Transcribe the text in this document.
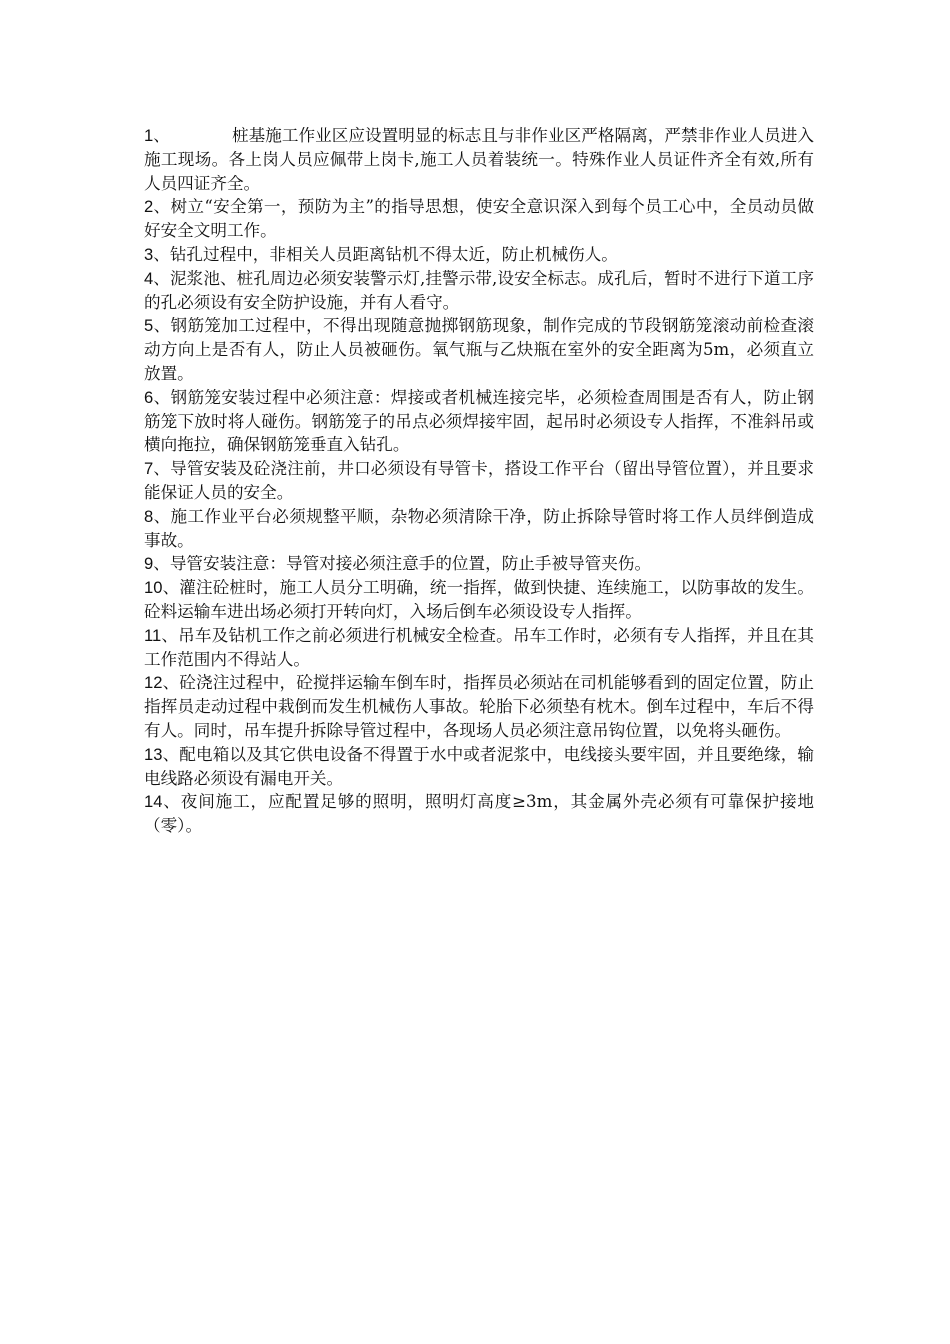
1、	桩基施工作业区应设置明显的标志且与非作业区严格隔离，严禁非作业人员进入施工现场。各上岗人员应佩带上岗卡,施工人员着装统一。特殊作业人员证件齐全有效,所有人员四证齐全。

2、树立“安全第一，预防为主”的指导思想，使安全意识深入到每个员工心中，全员动员做好安全文明工作。

3、钻孔过程中，非相关人员距离钻机不得太近，防止机械伤人。

4、泥浆池、桩孔周边必须安装警示灯,挂警示带,设安全标志。成孔后，暂时不进行下道工序的孔必须设有安全防护设施，并有人看守。

5、钢筋笼加工过程中，不得出现随意抛掷钢筋现象，制作完成的节段钢筋笼滚动前检查滚动方向上是否有人，防止人员被砸伤。氧气瓶与乙炔瓶在室外的安全距离为5m，必须直立放置。

6、钢筋笼安装过程中必须注意：焊接或者机械连接完毕，必须检查周围是否有人，防止钢筋笼下放时将人碰伤。钢筋笼子的吊点必须焊接牢固，起吊时必须设专人指挥，不准斜吊或横向拖拉，确保钢筋笼垂直入钻孔。

7、导管安装及砼浇注前，井口必须设有导管卡，搭设工作平台（留出导管位置），并且要求能保证人员的安全。

8、施工作业平台必须规整平顺，杂物必须清除干净，防止拆除导管时将工作人员绊倒造成事故。

9、导管安装注意：导管对接必须注意手的位置，防止手被导管夹伤。

10、灌注砼桩时，施工人员分工明确，统一指挥，做到快捷、连续施工，以防事故的发生。砼料运输车进出场必须打开转向灯，入场后倒车必须设设专人指挥。

11、吊车及钻机工作之前必须进行机械安全检查。吊车工作时，必须有专人指挥，并且在其工作范围内不得站人。

12、砼浇注过程中，砼搅拌运输车倒车时，指挥员必须站在司机能够看到的固定位置，防止指挥员走动过程中栽倒而发生机械伤人事故。轮胎下必须垫有枕木。倒车过程中，车后不得有人。同时，吊车提升拆除导管过程中，各现场人员必须注意吊钩位置，以免将头砸伤。

13、配电箱以及其它供电设备不得置于水中或者泥浆中，电线接头要牢固，并且要绝缘，输电线路必须设有漏电开关。

14、夜间施工，应配置足够的照明，照明灯高度≥3m，其金属外壳必须有可靠保护接地（零）。
